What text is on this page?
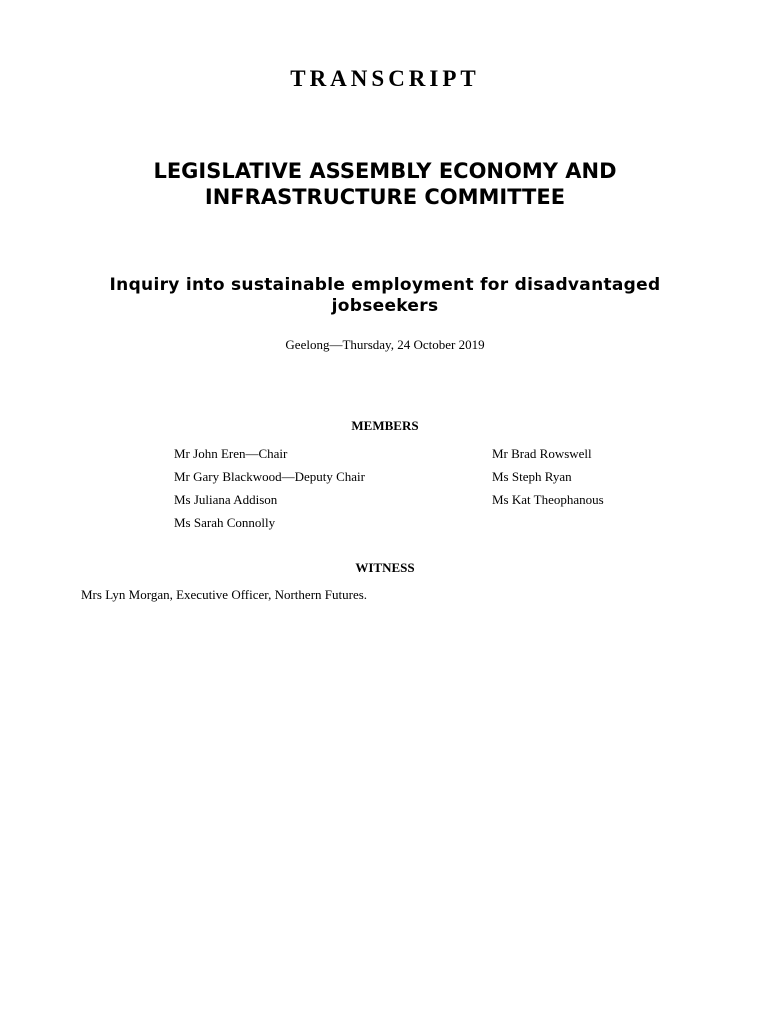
TRANSCRIPT
LEGISLATIVE ASSEMBLY ECONOMY AND INFRASTRUCTURE COMMITTEE
Inquiry into sustainable employment for disadvantaged jobseekers
Geelong—Thursday, 24 October 2019
MEMBERS
Mr John Eren—Chair
Mr Gary Blackwood—Deputy Chair
Ms Juliana Addison
Ms Sarah Connolly
Mr Brad Rowswell
Ms Steph Ryan
Ms Kat Theophanous
WITNESS
Mrs Lyn Morgan, Executive Officer, Northern Futures.
